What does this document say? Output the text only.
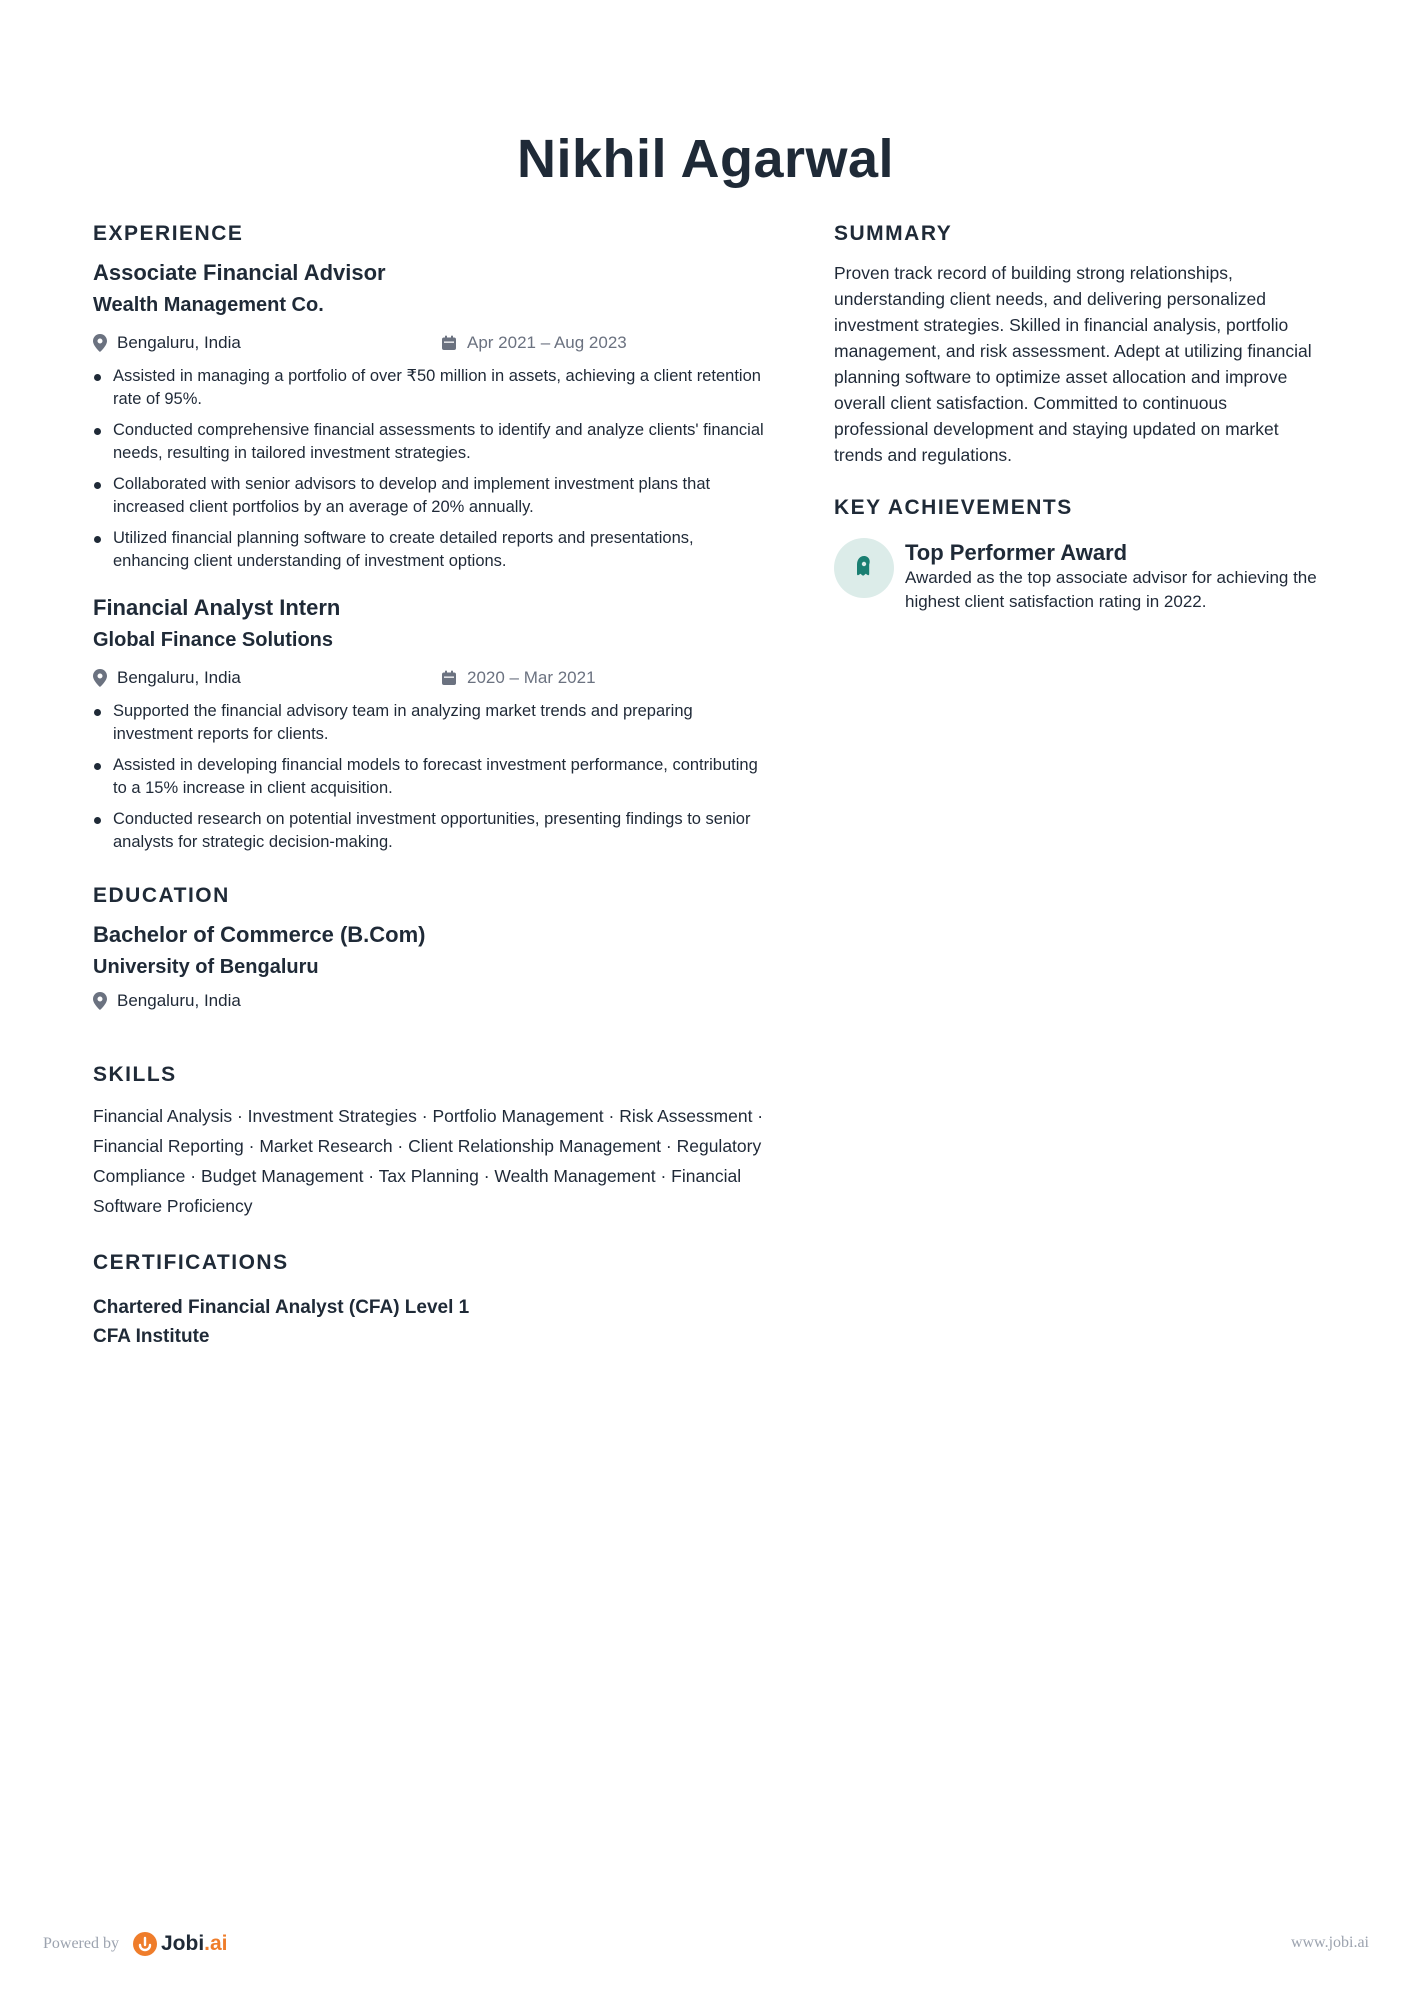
Nikhil Agarwal
EXPERIENCE
Associate Financial Advisor
Wealth Management Co.
Bengaluru, India	Apr 2021 – Aug 2023
Assisted in managing a portfolio of over ₹50 million in assets, achieving a client retention rate of 95%.
Conducted comprehensive financial assessments to identify and analyze clients' financial needs, resulting in tailored investment strategies.
Collaborated with senior advisors to develop and implement investment plans that increased client portfolios by an average of 20% annually.
Utilized financial planning software to create detailed reports and presentations, enhancing client understanding of investment options.
Financial Analyst Intern
Global Finance Solutions
Bengaluru, India	2020 – Mar 2021
Supported the financial advisory team in analyzing market trends and preparing investment reports for clients.
Assisted in developing financial models to forecast investment performance, contributing to a 15% increase in client acquisition.
Conducted research on potential investment opportunities, presenting findings to senior analysts for strategic decision-making.
EDUCATION
Bachelor of Commerce (B.Com)
University of Bengaluru
Bengaluru, India
SKILLS
Financial Analysis · Investment Strategies · Portfolio Management · Risk Assessment · Financial Reporting · Market Research · Client Relationship Management · Regulatory Compliance · Budget Management · Tax Planning · Wealth Management · Financial Software Proficiency
CERTIFICATIONS
Chartered Financial Analyst (CFA) Level 1
CFA Institute
SUMMARY
Proven track record of building strong relationships, understanding client needs, and delivering personalized investment strategies. Skilled in financial analysis, portfolio management, and risk assessment. Adept at utilizing financial planning software to optimize asset allocation and improve overall client satisfaction. Committed to continuous professional development and staying updated on market trends and regulations.
KEY ACHIEVEMENTS
Top Performer Award
Awarded as the top associate advisor for achieving the highest client satisfaction rating in 2022.
Powered by Jobi .ai	www.jobi.ai
